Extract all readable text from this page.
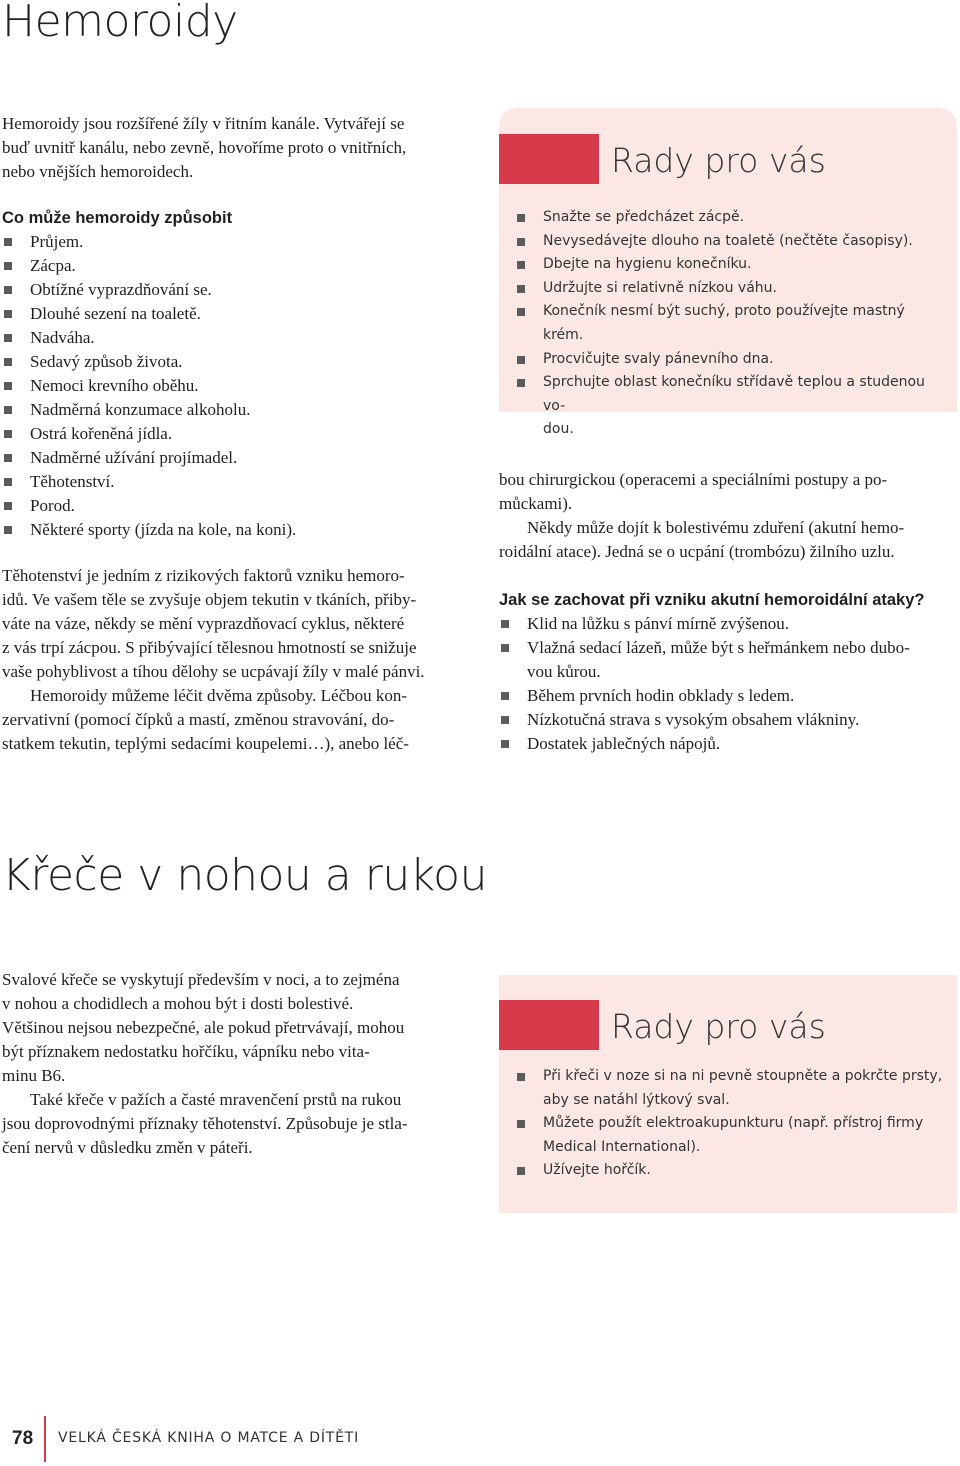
Hemoroidy
Hemoroidy jsou rozšířené žíly v řitním kanále. Vytvářejí se
buď uvnitř kanálu, nebo zevně, hovoříme proto o vnitřních,
nebo vnějších hemoroidech.
Co může hemoroidy způsobit
Průjem.
Zácpa.
Obtížné vyprazdňování se.
Dlouhé sezení na toaletě.
Nadváha.
Sedavý způsob života.
Nemoci krevního oběhu.
Nadměrná konzumace alkoholu.
Ostrá kořeněná jídla.
Nadměrné užívání projímadel.
Těhotenství.
Porod.
Některé sporty (jízda na kole, na koni).
Těhotenství je jedním z rizikových faktorů vzniku hemoro-
idů. Ve vašem těle se zvyšuje objem tekutin v tkáních, přiby-
váte na váze, někdy se mění vyprazdňovací cyklus, některé
z vás trpí zácpou. S přibývající tělesnou hmotností se snižuje
vaše pohyblivost a tíhou dělohy se ucpávají žíly v malé pánvi.
Hemoroidy můžeme léčit dvěma způsoby. Léčbou kon-
zervativní (pomocí čípků a mastí, změnou stravování, do-
statkem tekutin, teplými sedacími koupelemi…), anebo léč-
Rady pro vás
Snažte se předcházet zácpě.
Nevysedávejte dlouho na toaletě (nečtěte časopisy).
Dbejte na hygienu konečníku.
Udržujte si relativně nízkou váhu.
Konečník nesmí být suchý, proto používejte mastný krém.
Procvičujte svaly pánevního dna.
Sprchujte oblast konečníku střídavě teplou a studenou vo-
dou.
bou chirurgickou (operacemi a speciálními postupy a po-
můckami).
Někdy může dojít k bolestivému zduření (akutní hemo-
roidální atace). Jedná se o ucpání (trombózu) žilního uzlu.
Jak se zachovat při vzniku akutní hemoroidální ataky?
Klid na lůžku s pánví mírně zvýšenou.
Vlažná sedací lázeň, může být s heřmánkem nebo dubo-
vou kůrou.
Během prvních hodin obklady s ledem.
Nízkotučná strava s vysokým obsahem vlákniny.
Dostatek jablečných nápojů.
Křeče v nohou a rukou
Svalové křeče se vyskytují především v noci, a to zejména
v nohou a chodidlech a mohou být i dosti bolestivé.
Většinou nejsou nebezpečné, ale pokud přetrvávají, mohou
být příznakem nedostatku hořčíku, vápníku nebo vita-
minu B6.
Také křeče v pažích a časté mravenčení prstů na rukou
jsou doprovodnými příznaky těhotenství. Způsobuje je stla-
čení nervů v důsledku změn v páteři.
Rady pro vás
Při křeči v noze si na ni pevně stoupněte a pokrčte prsty,
aby se natáhl lýtkový sval.
Můžete použít elektroakupunkturu (např. přístroj firmy
Medical International).
Užívejte hořčík.
78 VELKÁ ČESKÁ KNIHA O MATCE A DÍTĚTI
